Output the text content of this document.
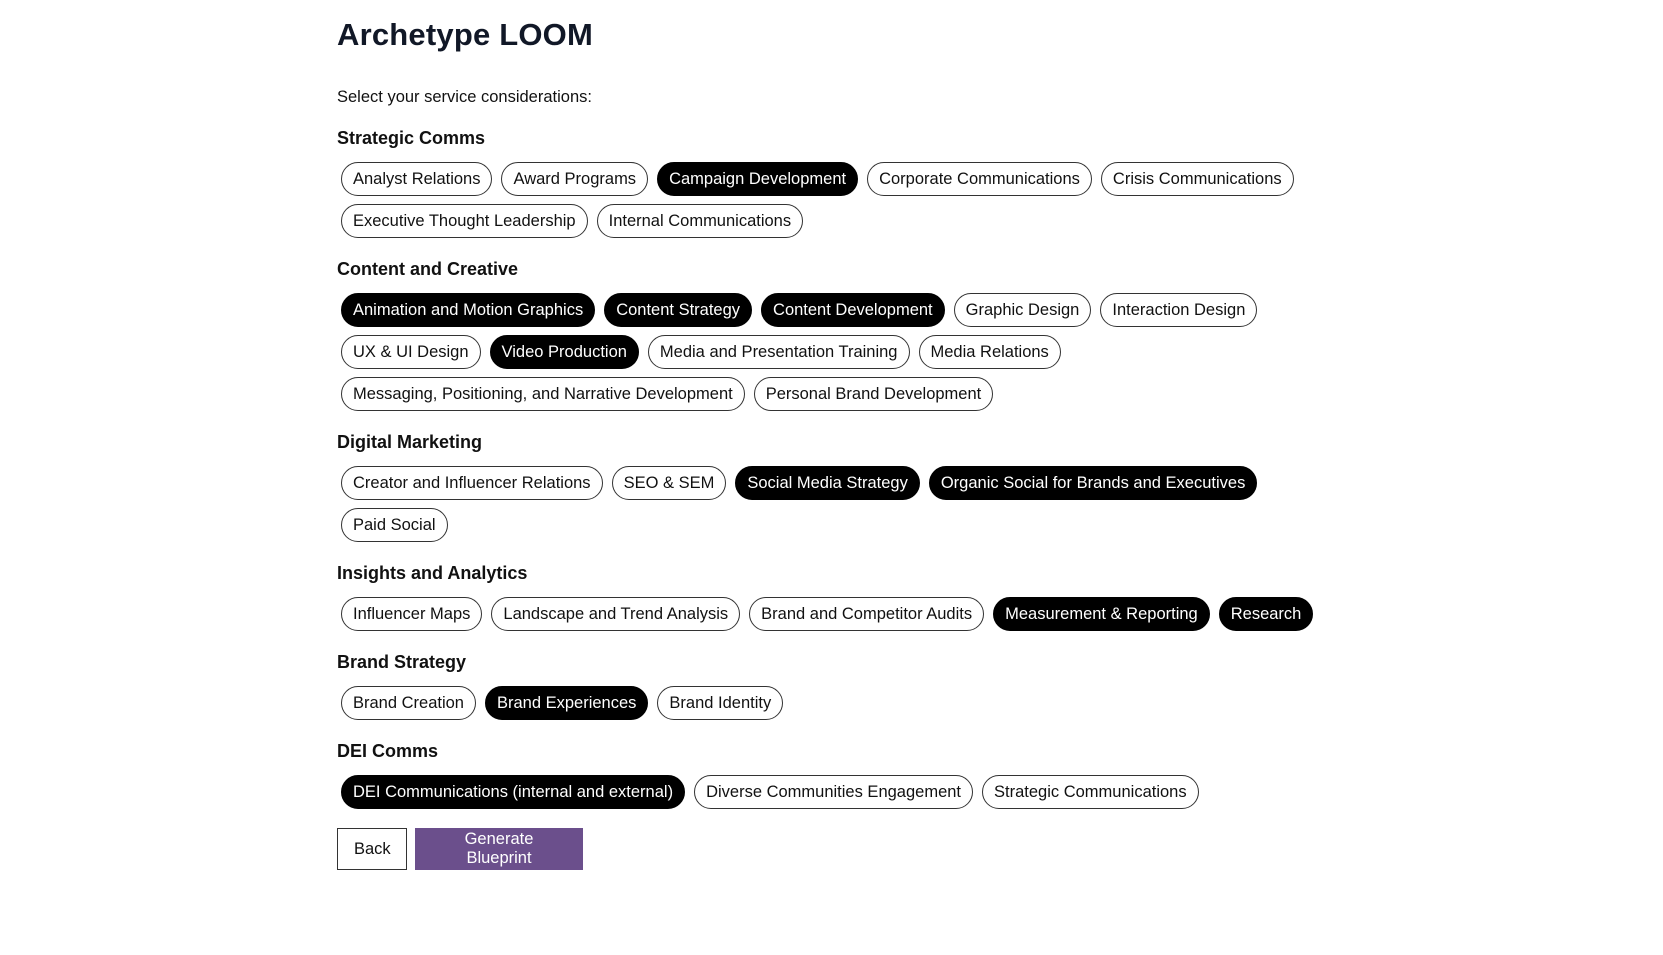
Archetype LOOM

Select your service considerations:

Strategic Comms
Analyst Relations	Award Programs	Campaign Development	Corporate Communications	Crisis Communications
Executive Thought Leadership	Internal Communications
Content and Creative
Animation and Motion Graphics	Content Strategy	Content Development	Graphic Design	Interaction Design
UX & UI Design	Video Production	Media and Presentation Training	Media Relations
Messaging, Positioning, and Narrative Development	Personal Brand Development
Digital Marketing
Creator and Influencer Relations	SEO & SEM	Social Media Strategy	Organic Social for Brands and Executives
Paid Social
Insights and Analytics
Influencer Maps	Landscape and Trend Analysis	Brand and Competitor Audits	Measurement & Reporting	Research
Brand Strategy
Brand Creation	Brand Experiences	Brand Identity
DEI Comms
DEI Communications (internal and external)	Diverse Communities Engagement	Strategic Communications
Back
Generate Blueprint
